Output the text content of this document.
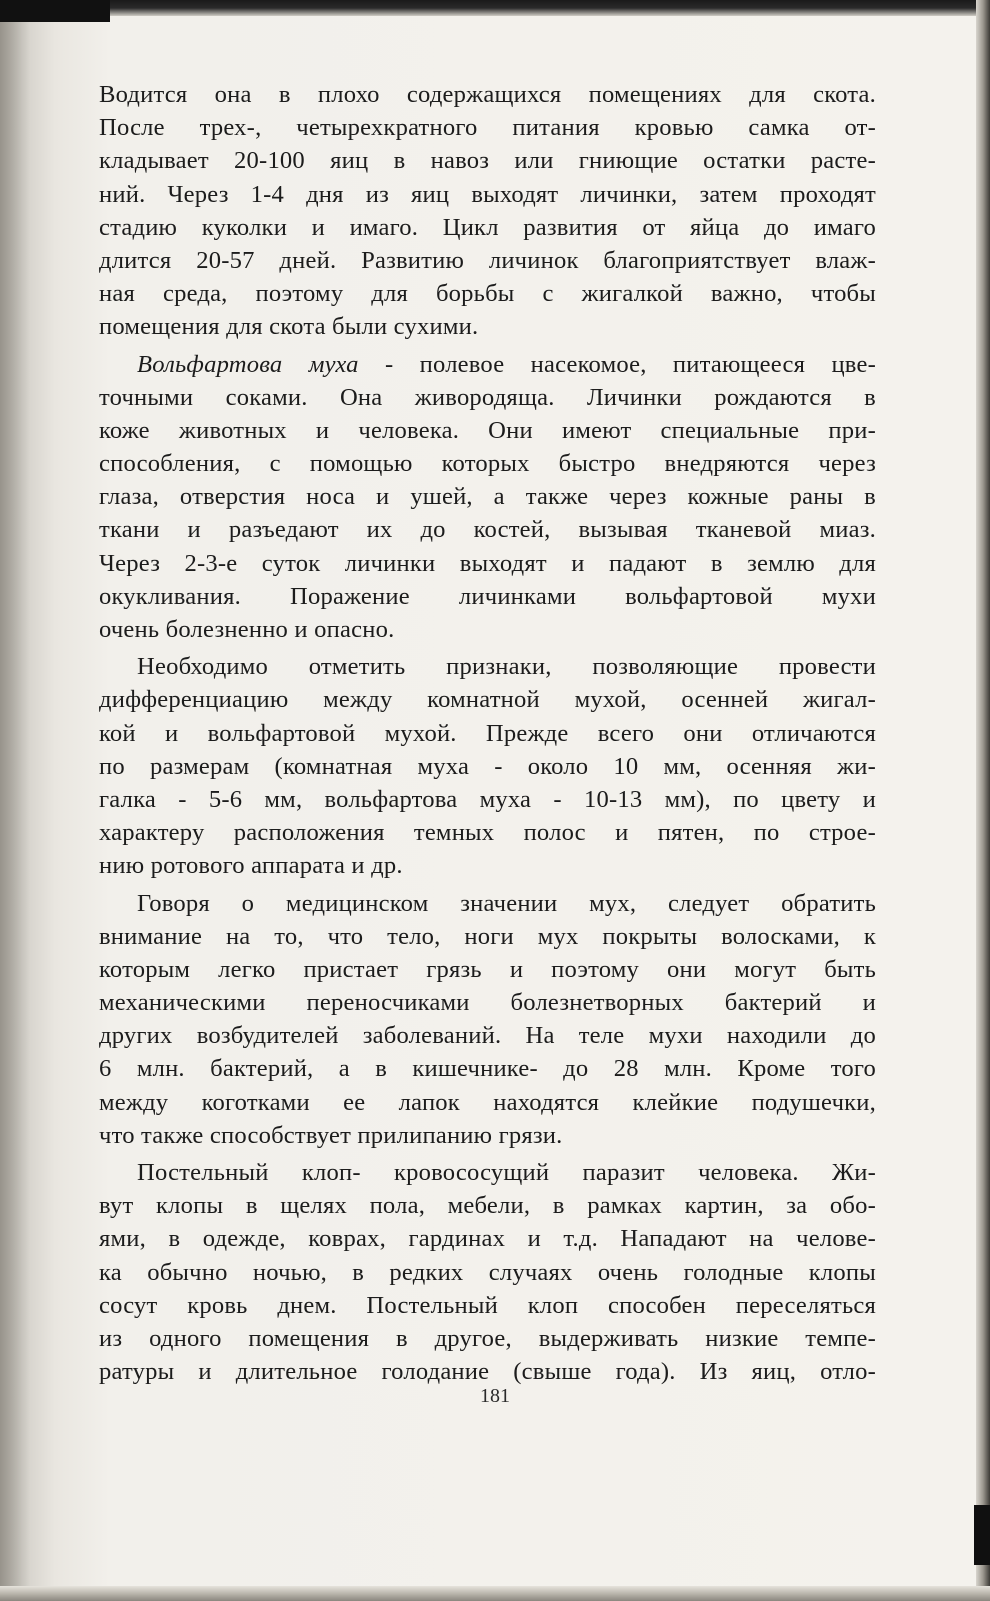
Водится она в плохо содержащихся помещениях для скота.
После трех-, четырехкратного питания кровью самка от-
кладывает 20-100 яиц в навоз или гниющие остатки расте-
ний. Через 1-4 дня из яиц выходят личинки, затем проходят
стадию куколки и имаго. Цикл развития от яйца до имаго
длится 20-57 дней. Развитию личинок благоприятствует влаж-
ная среда, поэтому для борьбы с жигалкой важно, чтобы
помещения для скота были сухими.
Вольфартова муха - полевое насекомое, питающееся цве-
точными соками. Она живородяща. Личинки рождаются в
коже животных и человека. Они имеют специальные при-
способления, с помощью которых быстро внедряются через
глаза, отверстия носа и ушей, а также через кожные раны в
ткани и разъедают их до костей, вызывая тканевой миаз.
Через 2-3-е суток личинки выходят и падают в землю для
окукливания. Поражение личинками вольфартовой мухи
очень болезненно и опасно.
Необходимо отметить признаки, позволяющие провести
дифференциацию между комнатной мухой, осенней жигал-
кой и вольфартовой мухой. Прежде всего они отличаются
по размерам (комнатная муха - около 10 мм, осенняя жи-
галка - 5-6 мм, вольфартова муха - 10-13 мм), по цвету и
характеру расположения темных полос и пятен, по строе-
нию ротового аппарата и др.
Говоря о медицинском значении мух, следует обратить
внимание на то, что тело, ноги мух покрыты волосками, к
которым легко пристает грязь и поэтому они могут быть
механическими переносчиками болезнетворных бактерий и
других возбудителей заболеваний. На теле мухи находили до
6 млн. бактерий, а в кишечнике- до 28 млн. Кроме того
между коготками ее лапок находятся клейкие подушечки,
что также способствует прилипанию грязи.
Постельный клоп- кровососущий паразит человека. Жи-
вут клопы в щелях пола, мебели, в рамках картин, за обо-
ями, в одежде, коврах, гардинах и т.д. Нападают на челове-
ка обычно ночью, в редких случаях очень голодные клопы
сосут кровь днем. Постельный клоп способен переселяться
из одного помещения в другое, выдерживать низкие темпе-
ратуры и длительное голодание (свыше года). Из яиц, отло-
181
